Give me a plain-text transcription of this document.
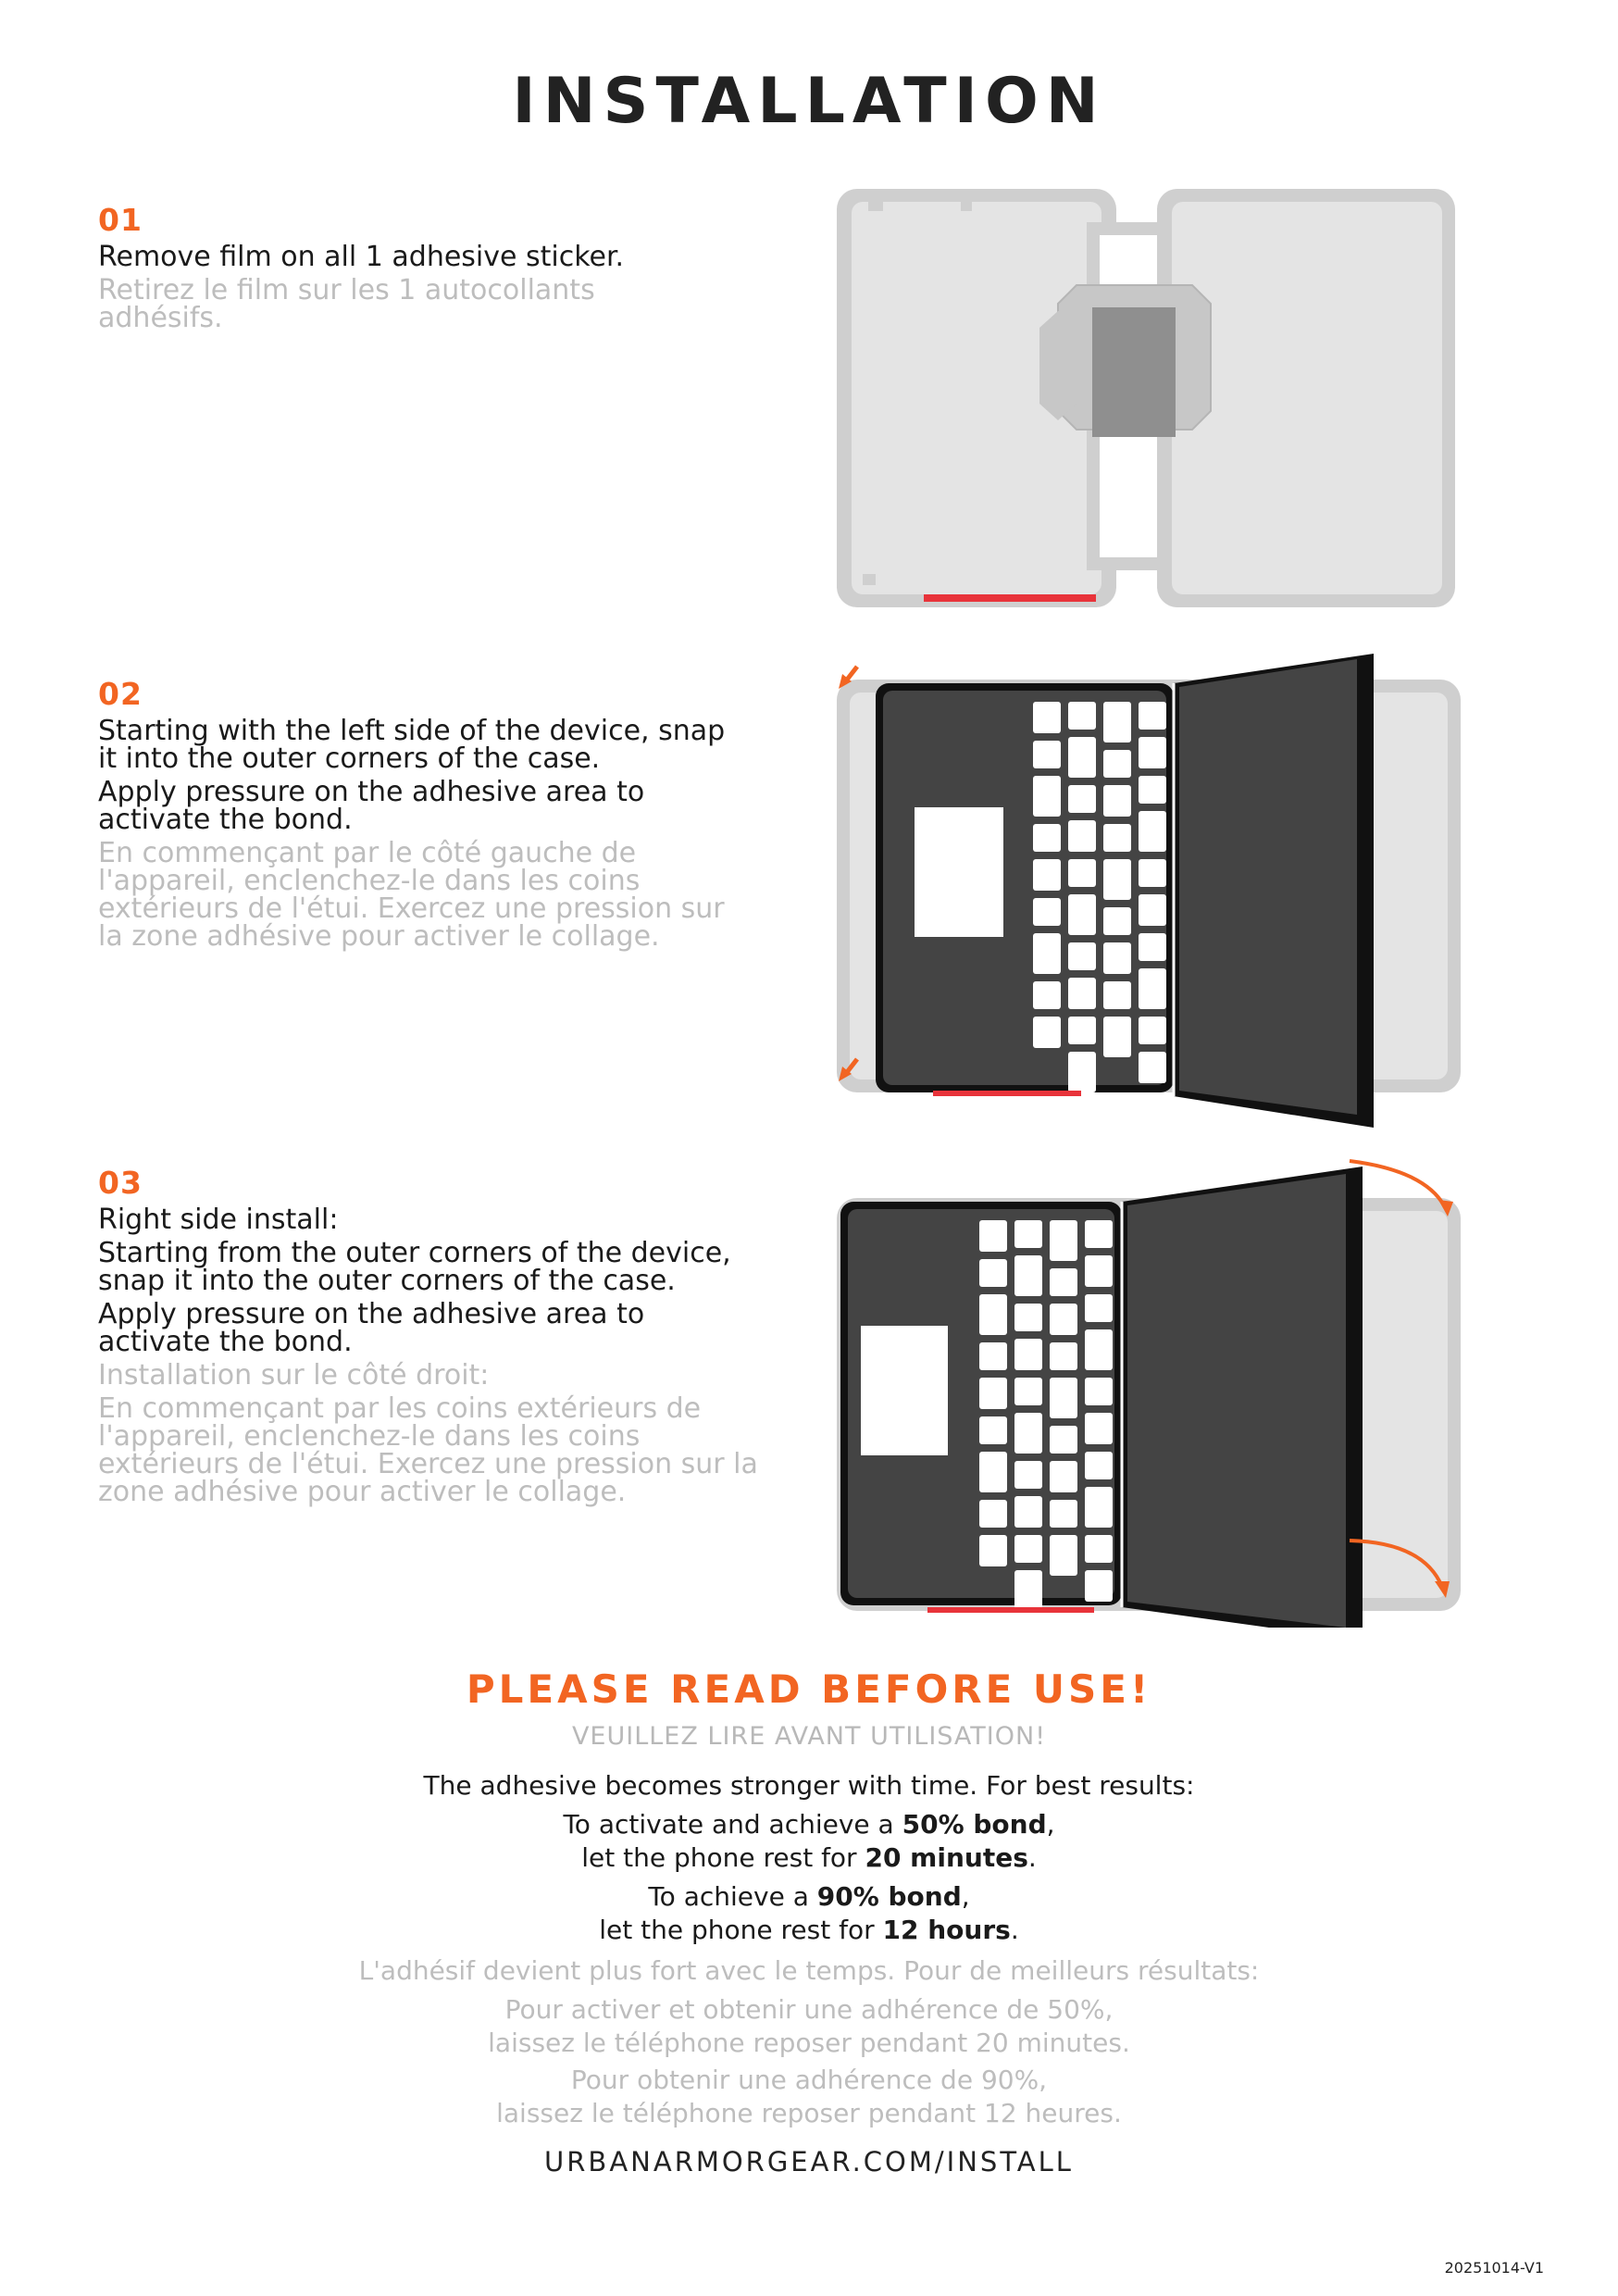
INSTALLATION
01
Remove film on all 1 adhesive sticker.
Retirez le film sur les 1 autocollants
adhésifs.
02
Starting with the left side of the device, snap
it into the outer corners of the case.
Apply pressure on the adhesive area to
activate the bond.
En commençant par le côté gauche de
l'appareil, enclenchez-le dans les coins
extérieurs de l'étui. Exercez une pression sur
la zone adhésive pour activer le collage.
03
Right side install:
Starting from the outer corners of the device,
snap it into the outer corners of the case.
Apply pressure on the adhesive area to
activate the bond.
Installation sur le côté droit:
En commençant par les coins extérieurs de
l'appareil, enclenchez-le dans les coins
extérieurs de l'étui. Exercez une pression sur la
zone adhésive pour activer le collage.
PLEASE READ BEFORE USE!
VEUILLEZ LIRE AVANT UTILISATION!
The adhesive becomes stronger with time. For best results:
To activate and achieve a 50% bond,
let the phone rest for 20 minutes.
To achieve a 90% bond,
let the phone rest for 12 hours.
L'adhésif devient plus fort avec le temps. Pour de meilleurs résultats:
Pour activer et obtenir une adhérence de 50%,
laissez le téléphone reposer pendant 20 minutes.
Pour obtenir une adhérence de 90%,
laissez le téléphone reposer pendant 12 heures.
URBANARMORGEAR.COM/INSTALL
20251014-V1
